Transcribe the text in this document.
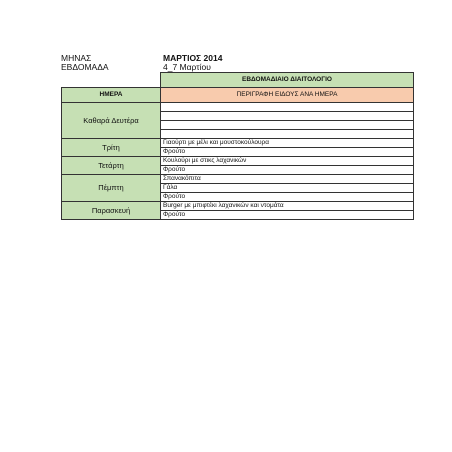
ΜΗΝΑΣ	ΜΑΡΤΙΟΣ 2014
ΕΒΔΟΜΑΔΑ	4_7 Μαρτίου
	ΕΒΔΟΜΑΔΙΑΙΟ ΔΙΑΙΤΟΛΟΓΙΟ
ΗΜΕΡΑ	ΠΕΡΙΓΡΑΦΗ ΕΙΔΟΥΣ ΑΝΑ ΗΜΕΡΑ
Καθαρά Δευτέρα	

Τρίτη	Γιαούρτι με μέλι και μουστοκούλουρα
	Φρούτο
Τετάρτη	Κουλούρι με στικς λαχανικών
	Φρούτο
Πέμπτη	Σπανακόπιτα
	Γάλα
	Φρούτο
Παρασκευή	Burger με μπιφτέκι λαχανικών και ντομάτα
	Φρούτο
